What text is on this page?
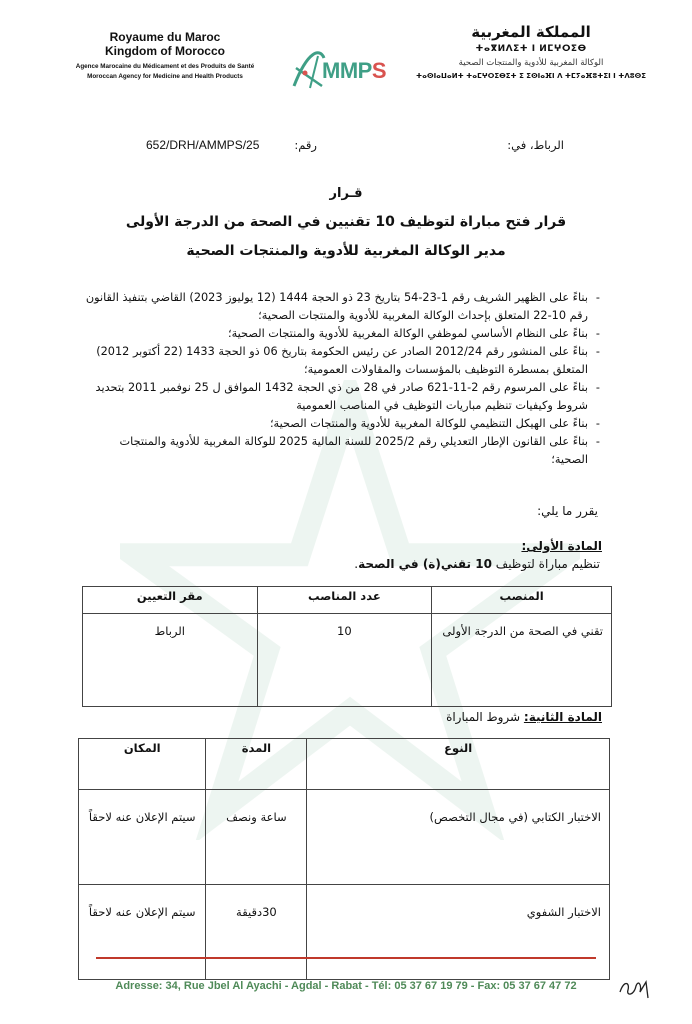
Royaume du Maroc
Kingdom of Morocco
Agence Marocaine du Médicament et des Produits de Santé
Moroccan Agency for Medicine and Health Products	MMPS
المملكة المغربية
ⵜⴰⴳⵍⴷⵉⵜ ⵏ ⵍⵎⵖⵔⵉⴱ
الوكالة المغربية للأدوية والمنتجات الصحية
ⵜⴰⵙⵏⴰⵡⴰⵍⵜ ⵜⴰⵎⵖⵔⵉⴱⵉⵜ ⵉ ⵉⵙⵏⴰⴼⵏ ⴷ ⵜⵎⵢⴰⴼⵓⵜⵉⵏ ⵏ ⵜⴷⵓⵙⵉ
الرباط، في:
رقم:
652/DRH/AMMPS/25
قـرار
قرار فتح مباراة لتوظيف 10 تقنيين في الصحة من الدرجة الأولى
مدير الوكالة المغربية للأدوية والمنتجات الصحية
- بناءً على الظهير الشريف رقم 1-23-54 بتاريخ 23 ذو الحجة 1444 (12 يوليوز 2023) القاضي بتنفيذ القانون رقم 10-22 المتعلق بإحداث الوكالة المغربية للأدوية والمنتجات الصحية؛
- بناءً على النظام الأساسي لموظفي الوكالة المغربية للأدوية والمنتجات الصحية؛
- بناءً على المنشور رقم 2012/24 الصادر عن رئيس الحكومة بتاريخ 06 ذو الحجة 1433 (22 أكتوبر 2012) المتعلق بمسطرة التوظيف بالمؤسسات والمقاولات العمومية؛
- بناءً على المرسوم رقم 2-11-621 صادر في 28 من ذي الحجة 1432 الموافق ل 25 نوفمبر 2011 بتحديد شروط وكيفيات تنظيم مباريات التوظيف في المناصب العمومية
- بناءً على الهيكل التنظيمي للوكالة المغربية للأدوية والمنتجات الصحية؛
- بناءً على القانون الإطار التعديلي رقم 2025/2 للسنة المالية 2025 للوكالة المغربية للأدوية والمنتجات الصحية؛
يقرر ما يلي:
المادة الأولى:
تنظيم مباراة لتوظيف 10 تقني(ة) في الصحة.
المنصب	عدد المناصب	مقر التعيين
تقني في الصحة من الدرجة الأولى	10	الرباط
المادة الثانية: شروط المباراة
النوع	المدة	المكان
الاختبار الكتابي (في مجال التخصص)	ساعة ونصف	سيتم الإعلان عنه لاحقاً
الاختبار الشفوي	30دقيقة	سيتم الإعلان عنه لاحقاً
Adresse: 34, Rue Jbel Al Ayachi - Agdal - Rabat - Tél: 05 37 67 19 79 - Fax: 05 37 67 47 72
